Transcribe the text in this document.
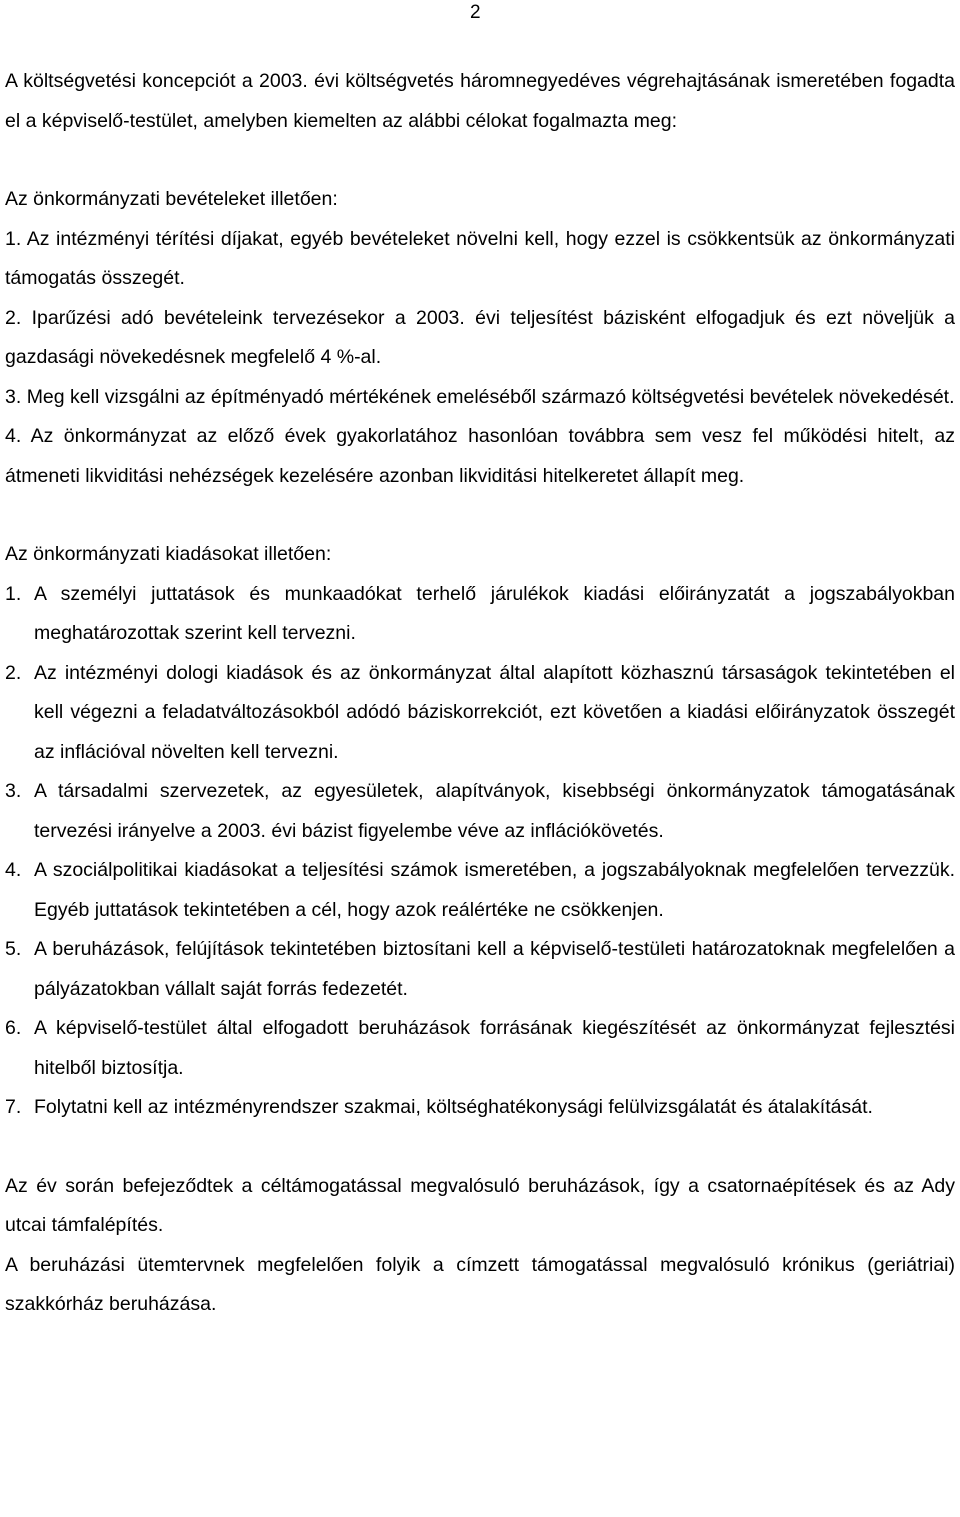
2

A költségvetési koncepciót a 2003. évi költségvetés háromnegyedéves végrehajtásának ismeretében fogadta el a képviselő-testület, amelyben kiemelten az alábbi célokat fogalmazta meg:

Az önkormányzati bevételeket illetően:

1. Az intézményi térítési díjakat, egyéb bevételeket növelni kell, hogy ezzel is csökkentsük az önkormányzati támogatás összegét.
2. Iparűzési adó bevételeink tervezésekor a 2003. évi teljesítést bázisként elfogadjuk és ezt növeljük a gazdasági növekedésnek megfelelő 4 %-al.
3. Meg kell vizsgálni az építményadó mértékének emeléséből származó költségvetési bevételek növekedését.
4. Az önkormányzat az előző évek gyakorlatához hasonlóan továbbra sem vesz fel működési hitelt, az átmeneti likviditási nehézségek kezelésére azonban likviditási hitelkeretet állapít meg.

Az önkormányzati kiadásokat illetően:

1. A személyi juttatások és munkaadókat terhelő járulékok kiadási előirányzatát a jogszabályokban meghatározottak szerint kell tervezni.
2. Az intézményi dologi kiadások és az önkormányzat által alapított közhasznú társaságok tekintetében el kell végezni a feladatváltozásokból adódó báziskorrekciót, ezt követően a kiadási előirányzatok összegét az inflációval növelten kell tervezni.
3. A társadalmi szervezetek, az egyesületek, alapítványok, kisebbségi önkormányzatok támogatásának tervezési irányelve a 2003. évi bázist figyelembe véve az inflációkövetés.
4. A szociálpolitikai kiadásokat a teljesítési számok ismeretében, a jogszabályoknak megfelelően tervezzük. Egyéb juttatások tekintetében a cél, hogy azok reálértéke ne csökkenjen.
5. A beruházások, felújítások tekintetében biztosítani kell a képviselő-testületi határozatoknak megfelelően a pályázatokban vállalt saját forrás fedezetét.
6. A képviselő-testület által elfogadott beruházások forrásának kiegészítését az önkormányzat fejlesztési hitelből biztosítja.
7. Folytatni kell az intézményrendszer szakmai, költséghatékonysági felülvizsgálatát és átalakítását.

Az év során befejeződtek a céltámogatással megvalósuló beruházások, így a csatornaépítések és az Ady utcai támfalépítés.

A beruházási ütemtervnek megfelelően folyik a címzett támogatással megvalósuló krónikus (geriátriai) szakkórház beruházása.
